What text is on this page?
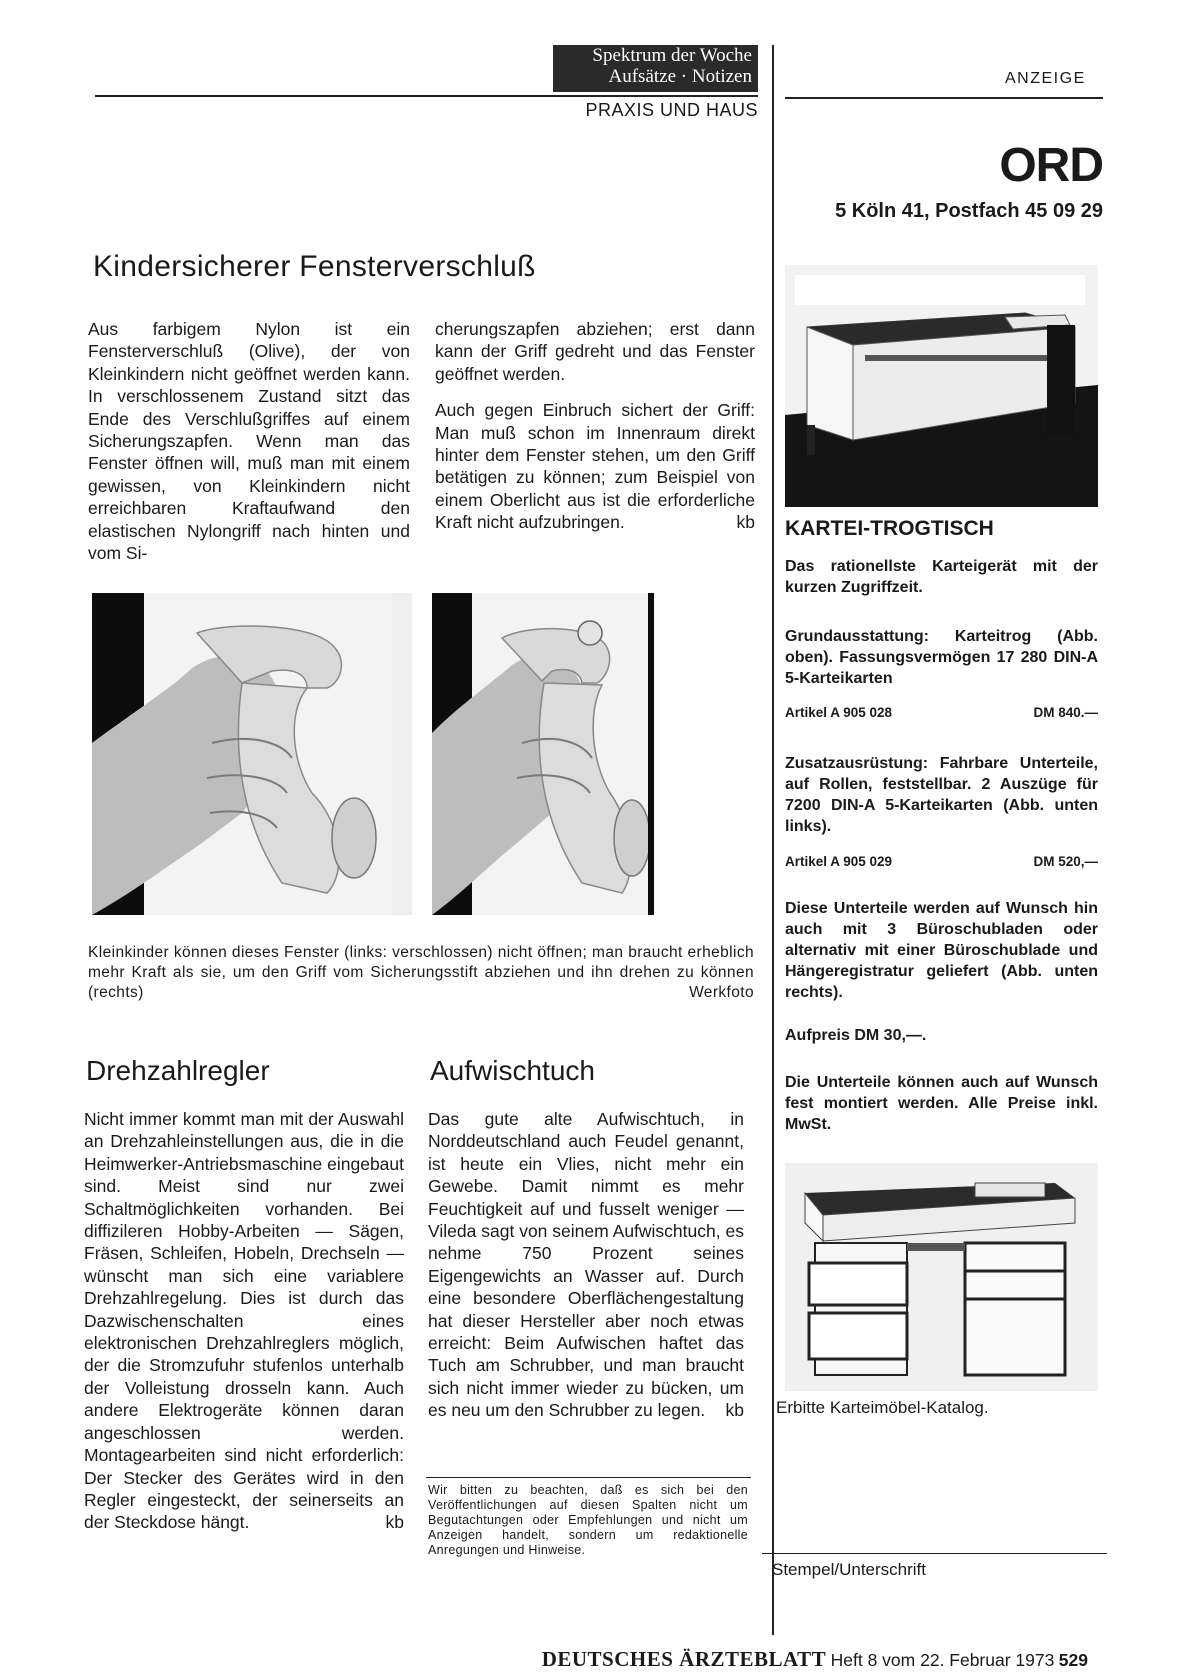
Spektrum der Woche
Aufsätze · Notizen
PRAXIS UND HAUS
ANZEIGE
Kindersicherer Fensterverschluß

Aus farbigem Nylon ist ein Fensterverschluß (Olive), der von Kleinkindern nicht geöffnet werden kann. In verschlossenem Zustand sitzt das Ende des Verschlußgriffes auf einem Sicherungszapfen. Wenn man das Fenster öffnen will, muß man mit einem gewissen, von Kleinkindern nicht erreichbaren Kraftaufwand den elastischen Nylongriff nach hinten und vom Si-

cherungszapfen abziehen; erst dann kann der Griff gedreht und das Fenster geöffnet werden.

Auch gegen Einbruch sichert der Griff: Man muß schon im Innenraum direkt hinter dem Fenster stehen, um den Griff betätigen zu können; zum Beispiel von einem Oberlicht aus ist die erforderliche Kraft nicht aufzubringen.	kb

Kleinkinder können dieses Fenster (links: verschlossen) nicht öffnen; man braucht erheblich mehr Kraft als sie, um den Griff vom Sicherungsstift abziehen und ihn drehen zu können (rechts)	Werkfoto
Drehzahlregler

Nicht immer kommt man mit der Auswahl an Drehzahleinstellungen aus, die in die Heimwerker-Antriebsmaschine eingebaut sind. Meist sind nur zwei Schaltmöglichkeiten vorhanden. Bei diffizileren Hobby-Arbeiten — Sägen, Fräsen, Schleifen, Hobeln, Drechseln — wünscht man sich eine variablere Drehzahlregelung. Dies ist durch das Dazwischenschalten eines elektronischen Drehzahlreglers möglich, der die Stromzufuhr stufenlos unterhalb der Volleistung drosseln kann. Auch andere Elektrogeräte können daran angeschlossen werden. Montagearbeiten sind nicht erforderlich: Der Stecker des Gerätes wird in den Regler eingesteckt, der seinerseits an der Steckdose hängt.	kb

Aufwischtuch

Das gute alte Aufwischtuch, in Norddeutschland auch Feudel genannt, ist heute ein Vlies, nicht mehr ein Gewebe. Damit nimmt es mehr Feuchtigkeit auf und fusselt weniger — Vileda sagt von seinem Aufwischtuch, es nehme 750 Prozent seines Eigengewichts an Wasser auf. Durch eine besondere Oberflächengestaltung hat dieser Hersteller aber noch etwas erreicht: Beim Aufwischen haftet das Tuch am Schrubber, und man braucht sich nicht immer wieder zu bücken, um es neu um den Schrubber zu legen. kb

Wir bitten zu beachten, daß es sich bei den Veröffentlichungen auf diesen Spalten nicht um Begutachtungen oder Empfehlungen und nicht um Anzeigen handelt, sondern um redaktionelle Anregungen und Hinweise.
ORD
5 Köln 41, Postfach 45 09 29
KARTEI-TROGTISCH
Das rationellste Karteigerät mit der kurzen Zugriffzeit.
Grundausstattung: Karteitrog (Abb. oben). Fassungsvermögen 17 280 DIN-A 5-Karteikarten
Artikel A 905 028	DM 840.—
Zusatzausrüstung: Fahrbare Unterteile, auf Rollen, feststellbar. 2 Auszüge für 7200 DIN-A 5-Karteikarten (Abb. unten links).
Artikel A 905 029	DM 520,—
Diese Unterteile werden auf Wunsch hin auch mit 3 Büroschubladen oder alternativ mit einer Büroschublade und Hängeregistratur geliefert (Abb. unten rechts).
Aufpreis DM 30,—.
Die Unterteile können auch auf Wunsch fest montiert werden. Alle Preise inkl. MwSt.
Erbitte Karteimöbel-Katalog.
Stempel/Unterschrift
DEUTSCHES ÄRZTEBLATT Heft 8 vom 22. Februar 1973 529
